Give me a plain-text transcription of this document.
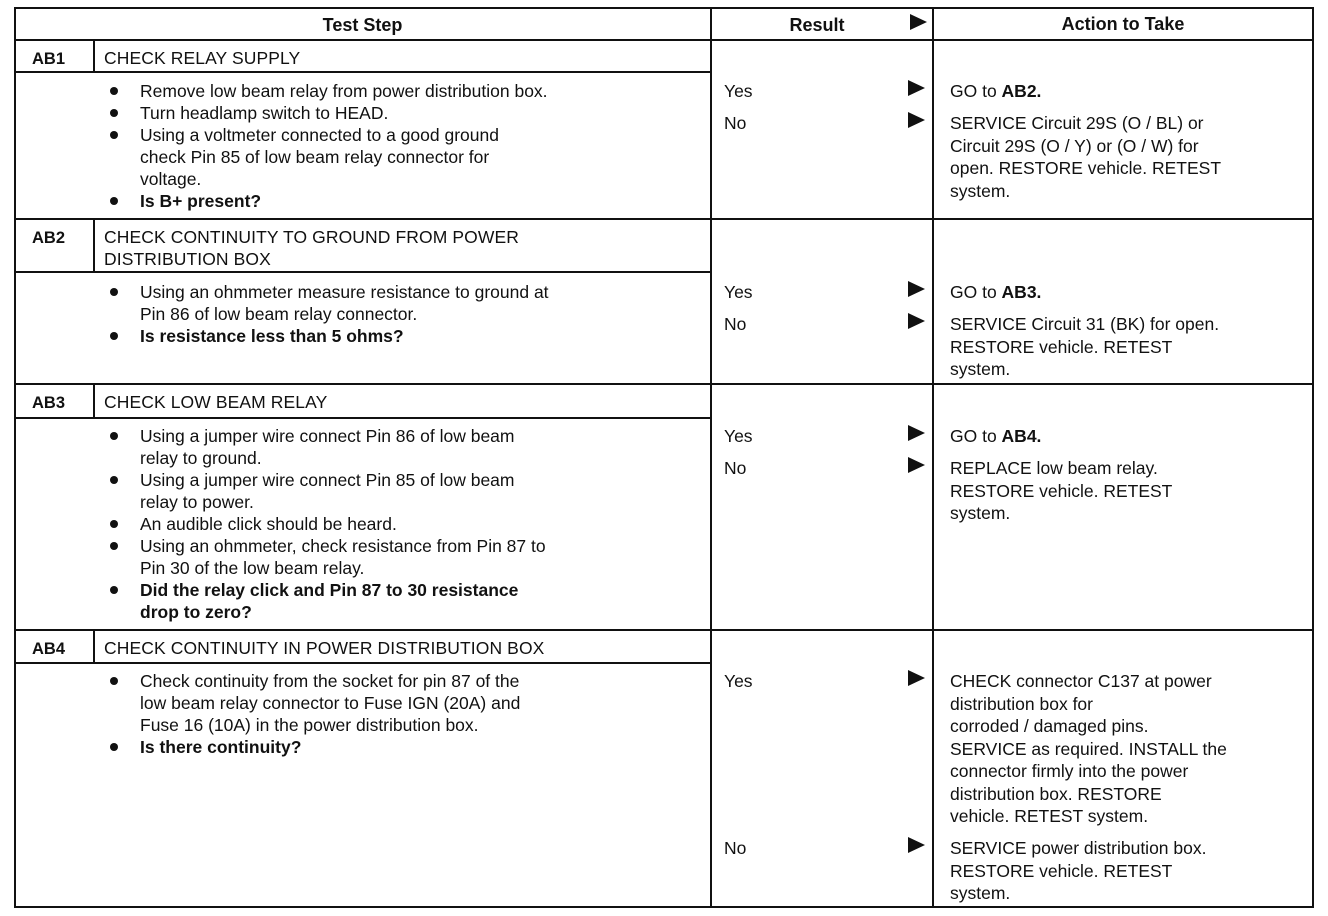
Test Step	Result	Action to Take
AB1 CHECK RELAY SUPPLY
Remove low beam relay from power distribution box.
Turn headlamp switch to HEAD.
Using a voltmeter connected to a good ground
check Pin 85 of low beam relay connector for
voltage.
Is B+ present?
Yes	GO to AB2.
No	SERVICE Circuit 29S (O / BL) or
Circuit 29S (O / Y) or (O / W) for
open. RESTORE vehicle. RETEST
system.
AB2 CHECK CONTINUITY TO GROUND FROM POWER
DISTRIBUTION BOX
Using an ohmmeter measure resistance to ground at
Pin 86 of low beam relay connector.
Is resistance less than 5 ohms?
Yes	GO to AB3.
No	SERVICE Circuit 31 (BK) for open.
RESTORE vehicle. RETEST
system.
AB3 CHECK LOW BEAM RELAY
Using a jumper wire connect Pin 86 of low beam
relay to ground.
Using a jumper wire connect Pin 85 of low beam
relay to power.
An audible click should be heard.
Using an ohmmeter, check resistance from Pin 87 to
Pin 30 of the low beam relay.
Did the relay click and Pin 87 to 30 resistance
drop to zero?
Yes	GO to AB4.
No	REPLACE low beam relay.
RESTORE vehicle. RETEST
system.
AB4 CHECK CONTINUITY IN POWER DISTRIBUTION BOX
Check continuity from the socket for pin 87 of the
low beam relay connector to Fuse IGN (20A) and
Fuse 16 (10A) in the power distribution box.
Is there continuity?
Yes	CHECK connector C137 at power
distribution box for
corroded / damaged pins.
SERVICE as required. INSTALL the
connector firmly into the power
distribution box. RESTORE
vehicle. RETEST system.
No	SERVICE power distribution box.
RESTORE vehicle. RETEST
system.
